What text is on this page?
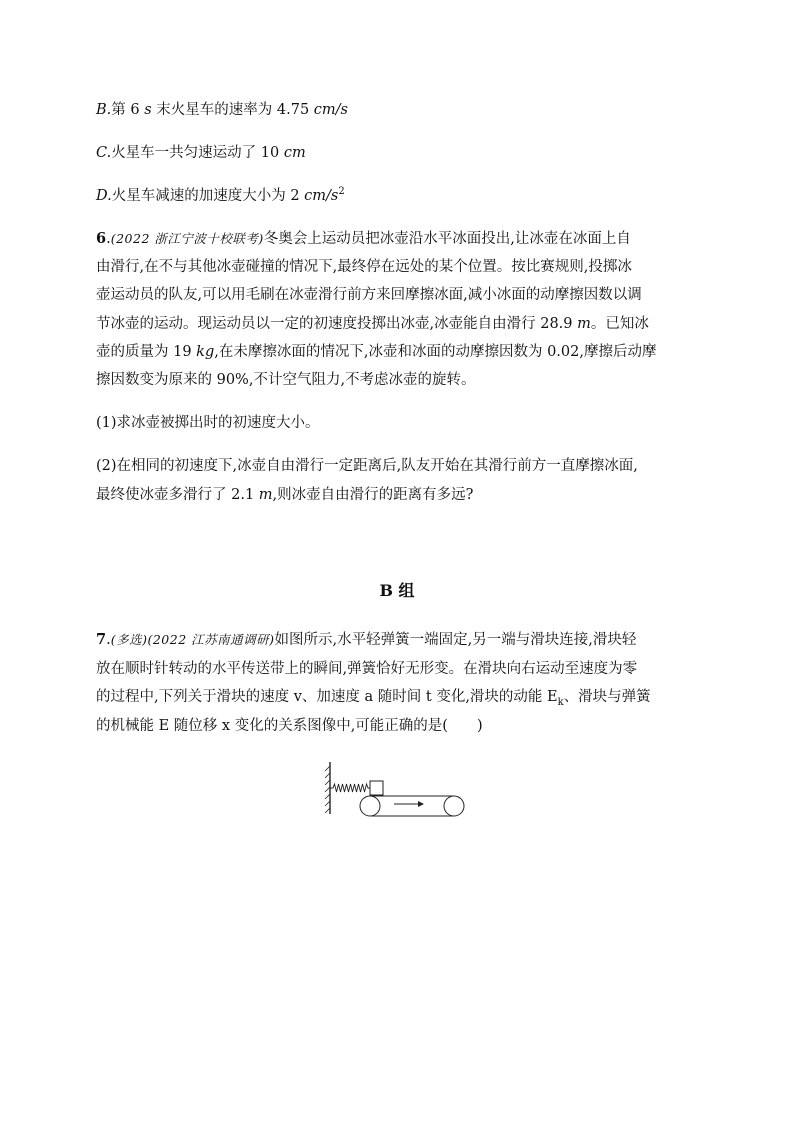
B.第 6 s 末火星车的速率为 4.75 cm/s
C.火星车一共匀速运动了 10 cm
D.火星车减速的加速度大小为 2 $cm/s^2$
6.(2022 浙江宁波十校联考)冬奥会上运动员把冰壶沿水平冰面投出,让冰壶在冰面上自
由滑行,在不与其他冰壶碰撞的情况下,最终停在远处的某个位置。按比赛规则,投掷冰
壶运动员的队友,可以用毛刷在冰壶滑行前方来回摩擦冰面,减小冰面的动摩擦因数以调
节冰壶的运动。现运动员以一定的初速度投掷出冰壶,冰壶能自由滑行 28.9 m。已知冰
壶的质量为 19 kg,在未摩擦冰面的情况下,冰壶和冰面的动摩擦因数为 0.02,摩擦后动摩
擦因数变为原来的 90%,不计空气阻力,不考虑冰壶的旋转。
(1)求冰壶被掷出时的初速度大小。
(2)在相同的初速度下,冰壶自由滑行一定距离后,队友开始在其滑行前方一直摩擦冰面,
最终使冰壶多滑行了 2.1 m,则冰壶自由滑行的距离有多远?
B 组
7.(多选)(2022 江苏南通调研)如图所示,水平轻弹簧一端固定,另一端与滑块连接,滑块轻
放在顺时针转动的水平传送带上的瞬间,弹簧恰好无形变。在滑块向右运动至速度为零
的过程中,下列关于滑块的速度 v、加速度 a 随时间 t 变化,滑块的动能 $E_k$、滑块与弹簧
的机械能 E 随位移 x 变化的关系图像中,可能正确的是(　　)
